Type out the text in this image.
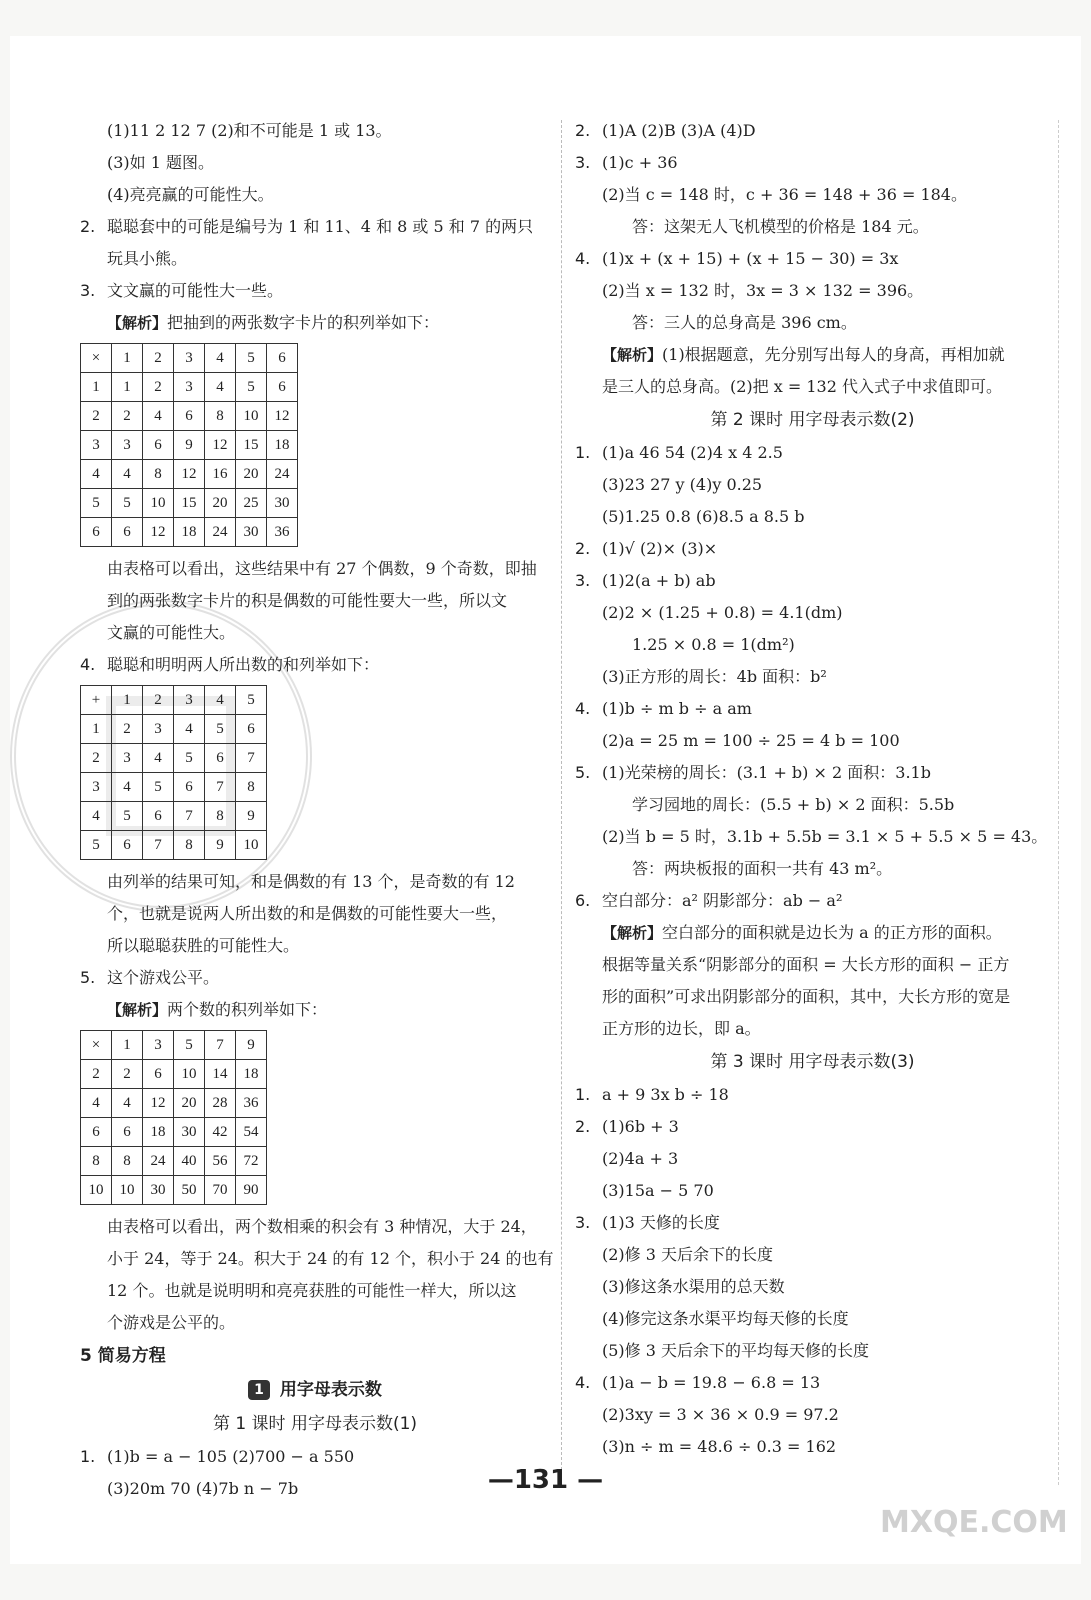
(1)11 2 12 7 (2)和不可能是 1 或 13。
(3)如 1 题图。
(4)亮亮赢的可能性大。
2. 聪聪套中的可能是编号为 1 和 11、4 和 8 或 5 和 7 的两只
玩具小熊。
3. 文文赢的可能性大一些。
【解析】把抽到的两张数字卡片的积列举如下：
×	1	2	3	4	5	6
1	1	2	3	4	5	6
2	2	4	6	8	10	12
3	3	6	9	12	15	18
4	4	8	12	16	20	24
5	5	10	15	20	25	30
6	6	12	18	24	30	36
由表格可以看出，这些结果中有 27 个偶数，9 个奇数，即抽
到的两张数字卡片的积是偶数的可能性要大一些，所以文
文赢的可能性大。
4. 聪聪和明明两人所出数的和列举如下：
+	1	2	3	4	5
1	2	3	4	5	6
2	3	4	5	6	7
3	4	5	6	7	8
4	5	6	7	8	9
5	6	7	8	9	10
由列举的结果可知，和是偶数的有 13 个，是奇数的有 12
个，也就是说两人所出数的和是偶数的可能性要大一些，
所以聪聪获胜的可能性大。
5. 这个游戏公平。
【解析】两个数的积列举如下：
×	1	3	5	7	9
2	2	6	10	14	18
4	4	12	20	28	36
6	6	18	30	42	54
8	8	24	40	56	72
10	10	30	50	70	90
由表格可以看出，两个数相乘的积会有 3 种情况，大于 24，
小于 24，等于 24。积大于 24 的有 12 个，积小于 24 的也有
12 个。也就是说明明和亮亮获胜的可能性一样大，所以这
个游戏是公平的。
5 简易方程
1 用字母表示数
第 1 课时 用字母表示数(1)
1. (1)b = a − 105 (2)700 − a 550
(3)20m 70 (4)7b n − 7b
2. (1)A (2)B (3)A (4)D
3. (1)c + 36
(2)当 c = 148 时，c + 36 = 148 + 36 = 184。
答：这架无人飞机模型的价格是 184 元。
4. (1)x + (x + 15) + (x + 15 − 30) = 3x
(2)当 x = 132 时，3x = 3 × 132 = 396。
答：三人的总身高是 396 cm。
【解析】(1)根据题意，先分别写出每人的身高，再相加就
是三人的总身高。(2)把 x = 132 代入式子中求值即可。
第 2 课时 用字母表示数(2)
1. (1)a 46 54 (2)4 x 4 2.5
(3)23 27 y (4)y 0.25
(5)1.25 0.8 (6)8.5 a 8.5 b
2. (1)√ (2)× (3)×
3. (1)2(a + b) ab
(2)2 × (1.25 + 0.8) = 4.1(dm)
1.25 × 0.8 = 1(dm²)
(3)正方形的周长：4b 面积：b²
4. (1)b ÷ m b ÷ a am
(2)a = 25 m = 100 ÷ 25 = 4 b = 100
5. (1)光荣榜的周长：(3.1 + b) × 2 面积：3.1b
学习园地的周长：(5.5 + b) × 2 面积：5.5b
(2)当 b = 5 时，3.1b + 5.5b = 3.1 × 5 + 5.5 × 5 = 43。
答：两块板报的面积一共有 43 m²。
6. 空白部分：a² 阴影部分：ab − a²
【解析】空白部分的面积就是边长为 a 的正方形的面积。
根据等量关系“阴影部分的面积 = 大长方形的面积 − 正方
形的面积”可求出阴影部分的面积，其中，大长方形的宽是
正方形的边长，即 a。
第 3 课时 用字母表示数(3)
1. a + 9 3x b ÷ 18
2. (1)6b + 3
(2)4a + 3
(3)15a − 5 70
3. (1)3 天修的长度
(2)修 3 天后余下的长度
(3)修这条水渠用的总天数
(4)修完这条水渠平均每天修的长度
(5)修 3 天后余下的平均每天修的长度
4. (1)a − b = 19.8 − 6.8 = 13
(2)3xy = 3 × 36 × 0.9 = 97.2
(3)n ÷ m = 48.6 ÷ 0.3 = 162
—131 —
MXQE.COM
